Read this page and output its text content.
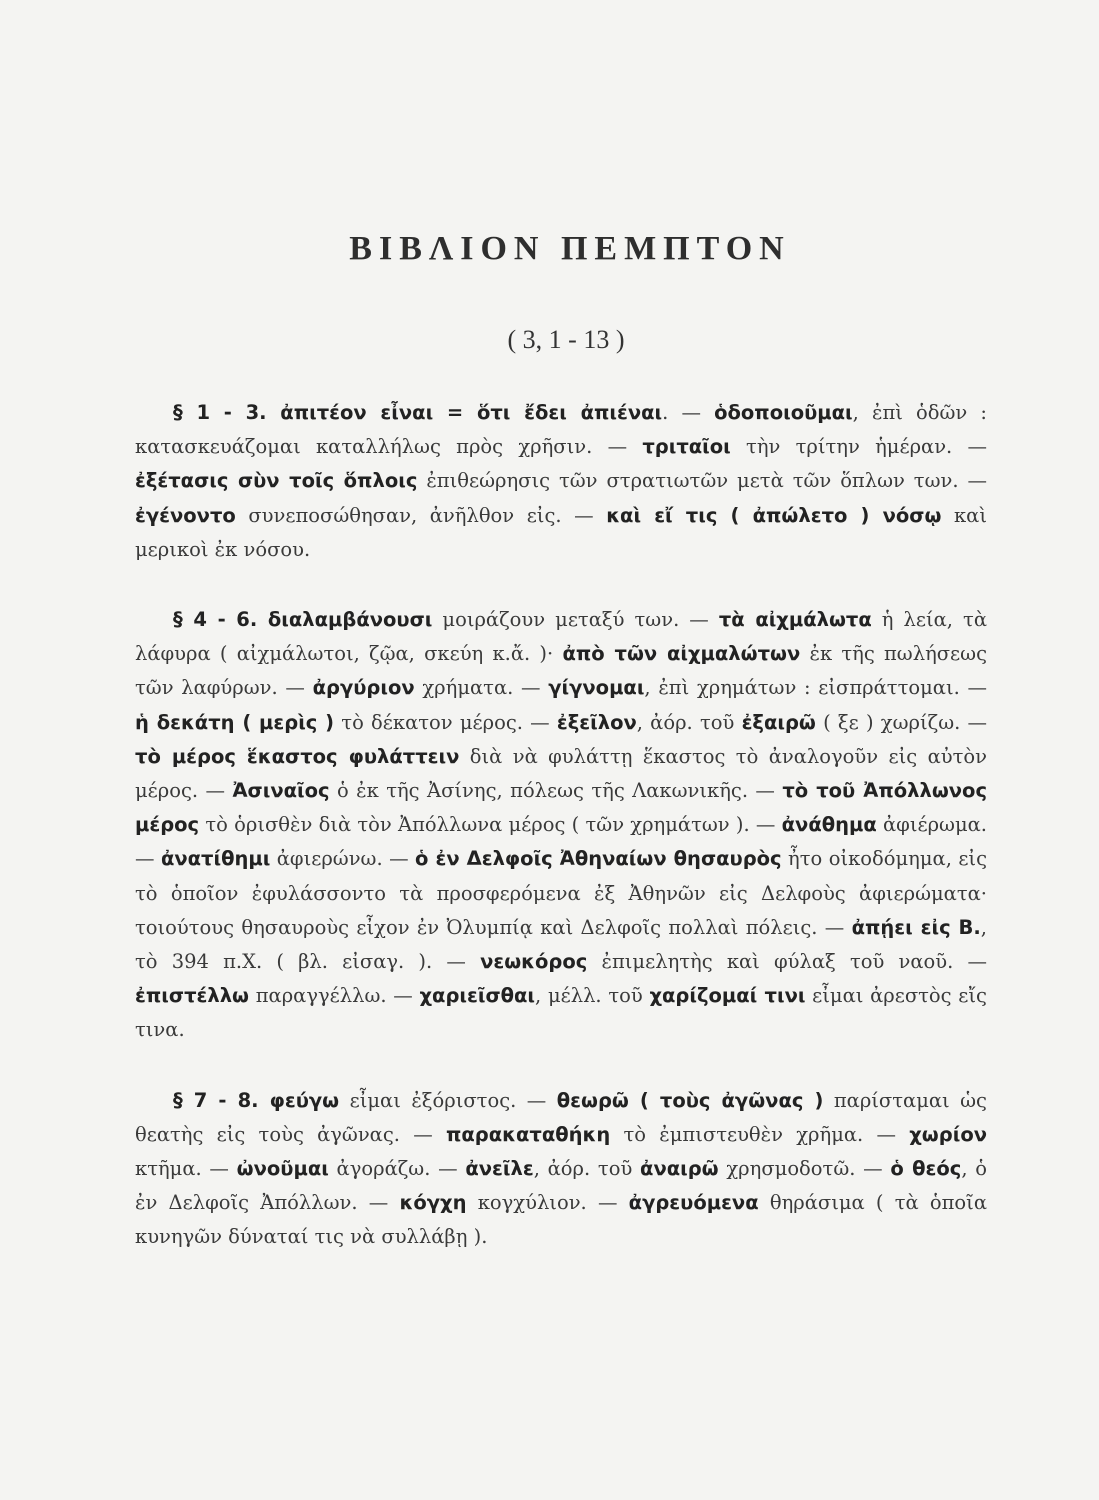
ΒΙΒΛΙΟΝ ΠΕΜΠΤΟΝ
( 3, 1 - 13 )

§ 1 - 3. ἀπιτέον εἶναι = ὅτι ἔδει ἀπιέναι. — ὁδοποιοῦμαι, ἐπὶ ὁδῶν : κατασκευάζομαι καταλλήλως πρὸς χρῆσιν. — τριταῖοι τὴν τρίτην ἡμέραν. — ἐξέτασις σὺν τοῖς ὅπλοις ἐπιθεώρησις τῶν στρατιωτῶν μετὰ τῶν ὅπλων των. — ἐγένοντο συνεποσώθησαν, ἀνῆλθον εἰς. — καὶ εἴ τις ( ἀπώλετο ) νόσῳ καὶ μερικοὶ ἐκ νόσου.

§ 4 - 6. διαλαμβάνουσι μοιράζουν μεταξύ των. — τὰ αἰχμάλωτα ἡ λεία, τὰ λάφυρα ( αἰχμάλωτοι, ζῷα, σκεύη κ.ἄ. )· ἀπὸ τῶν αἰχμαλώτων ἐκ τῆς πωλήσεως τῶν λαφύρων. — ἀργύριον χρήματα. — γίγνομαι, ἐπὶ χρημάτων : εἰσπράττομαι. — ἡ δεκάτη ( μερὶς ) τὸ δέκατον μέρος. — ἐξεῖλον, ἀόρ. τοῦ ἐξαιρῶ ( ξε ) χωρίζω. — τὸ μέρος ἕκαστος φυλάττειν διὰ νὰ φυλάττῃ ἕκαστος τὸ ἀναλογοῦν εἰς αὐτὸν μέρος. — Ἀσιναῖος ὁ ἐκ τῆς Ἀσίνης, πόλεως τῆς Λακωνικῆς. — τὸ τοῦ Ἀπόλλωνος μέρος τὸ ὁρισθὲν διὰ τὸν Ἀπόλλωνα μέρος ( τῶν χρημάτων ). — ἀνάθημα ἀφιέρωμα. — ἀνατίθημι ἀφιερώνω. — ὁ ἐν Δελφοῖς Ἀθηναίων θησαυρὸς ἦτο οἰκοδόμημα, εἰς τὸ ὁποῖον ἐφυλάσσοντο τὰ προσφερόμενα ἐξ Ἀθηνῶν εἰς Δελφοὺς ἀφιερώματα· τοιούτους θησαυροὺς εἶχον ἐν Ὀλυμπίᾳ καὶ Δελφοῖς πολλαὶ πόλεις. — ἀπῄει εἰς Β., τὸ 394 π.Χ. ( βλ. εἰσαγ. ). — νεωκόρος ἐπιμελητὴς καὶ φύλαξ τοῦ ναοῦ. — ἐπιστέλλω παραγγέλλω. — χαριεῖσθαι, μέλλ. τοῦ χαρίζομαί τινι εἶμαι ἀρεστὸς εἴς τινα.

§ 7 - 8. φεύγω εἶμαι ἐξόριστος. — θεωρῶ ( τοὺς ἀγῶνας ) παρίσταμαι ὡς θεατὴς εἰς τοὺς ἀγῶνας. — παρακαταθήκη τὸ ἐμπιστευθὲν χρῆμα. — χωρίον κτῆμα. — ὠνοῦμαι ἀγοράζω. — ἀνεῖλε, ἀόρ. τοῦ ἀναιρῶ χρησμοδοτῶ. — ὁ θεός, ὁ ἐν Δελφοῖς Ἀπόλλων. — κόγχη κογχύλιον. — ἀγρευόμενα θηράσιμα ( τὰ ὁποῖα κυνηγῶν δύναταί τις νὰ συλλάβῃ ).
